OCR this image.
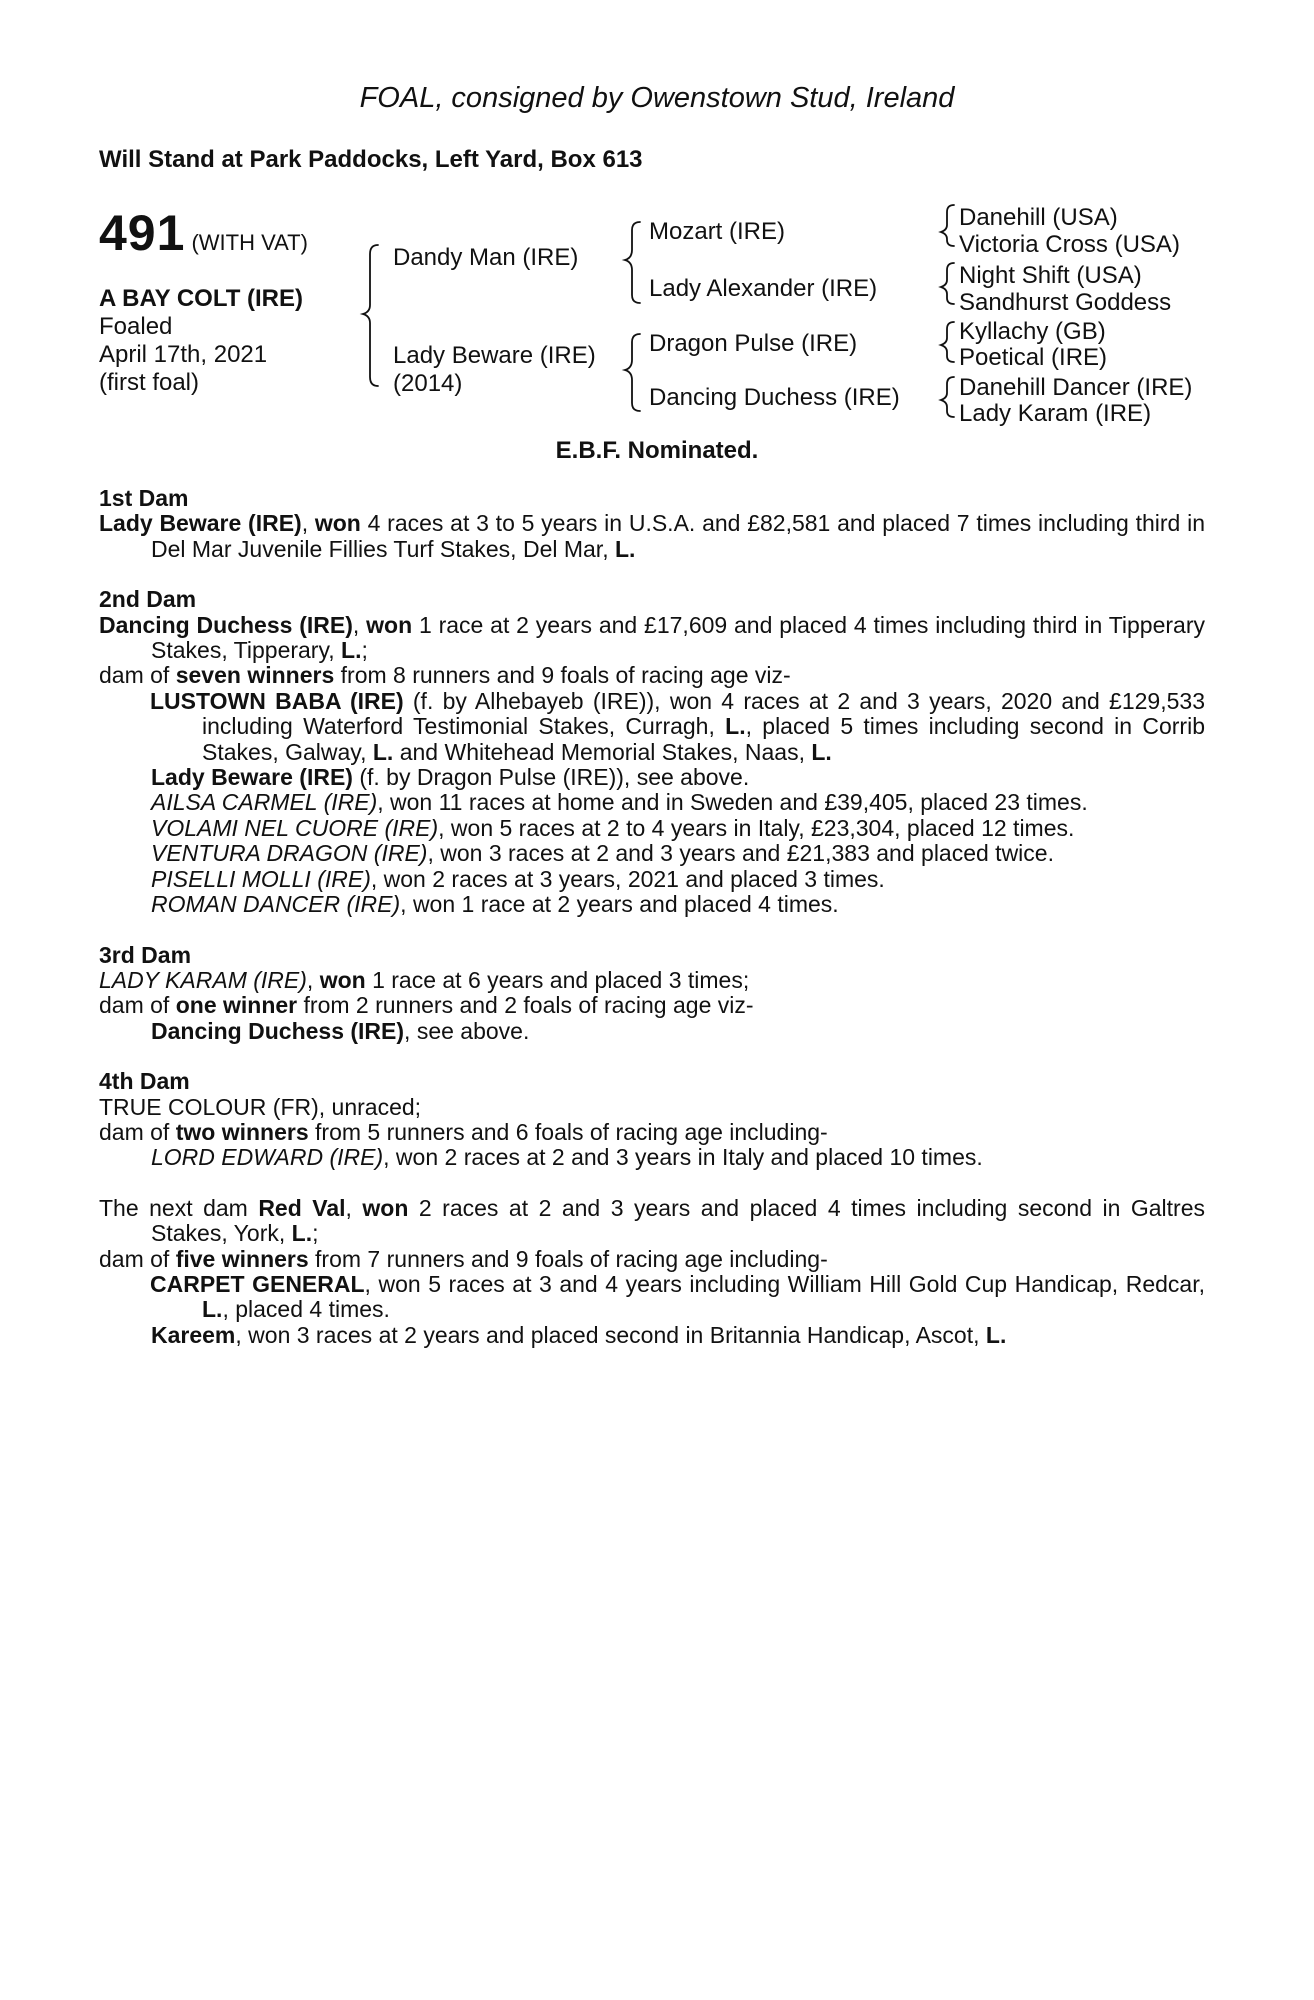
FOAL, consigned by Owenstown Stud, Ireland
Will Stand at Park Paddocks, Left Yard, Box 613
491 (WITH VAT)
A BAY COLT (IRE)
Foaled
April 17th, 2021
(first foal)
Dandy Man (IRE)
Lady Beware (IRE)
(2014)
Mozart (IRE)
Lady Alexander (IRE)
Dragon Pulse (IRE)
Dancing Duchess (IRE)
Danehill (USA)
Victoria Cross (USA)
Night Shift (USA)
Sandhurst Goddess
Kyllachy (GB)
Poetical (IRE)
Danehill Dancer (IRE)
Lady Karam (IRE)
E.B.F. Nominated.
1st Dam
Lady Beware (IRE), won 4 races at 3 to 5 years in U.S.A. and £82,581 and placed 7 times including third in Del Mar Juvenile Fillies Turf Stakes, Del Mar, L.
2nd Dam
Dancing Duchess (IRE), won 1 race at 2 years and £17,609 and placed 4 times including third in Tipperary Stakes, Tipperary, L.;
dam of seven winners from 8 runners and 9 foals of racing age viz-
LUSTOWN BABA (IRE) (f. by Alhebayeb (IRE)), won 4 races at 2 and 3 years, 2020 and £129,533 including Waterford Testimonial Stakes, Curragh, L., placed 5 times including second in Corrib Stakes, Galway, L. and Whitehead Memorial Stakes, Naas, L.
Lady Beware (IRE) (f. by Dragon Pulse (IRE)), see above.
AILSA CARMEL (IRE), won 11 races at home and in Sweden and £39,405, placed 23 times.
VOLAMI NEL CUORE (IRE), won 5 races at 2 to 4 years in Italy, £23,304, placed 12 times.
VENTURA DRAGON (IRE), won 3 races at 2 and 3 years and £21,383 and placed twice.
PISELLI MOLLI (IRE), won 2 races at 3 years, 2021 and placed 3 times.
ROMAN DANCER (IRE), won 1 race at 2 years and placed 4 times.
3rd Dam
LADY KARAM (IRE), won 1 race at 6 years and placed 3 times;
dam of one winner from 2 runners and 2 foals of racing age viz-
Dancing Duchess (IRE), see above.
4th Dam
TRUE COLOUR (FR), unraced;
dam of two winners from 5 runners and 6 foals of racing age including-
LORD EDWARD (IRE), won 2 races at 2 and 3 years in Italy and placed 10 times.
The next dam Red Val, won 2 races at 2 and 3 years and placed 4 times including second in Galtres Stakes, York, L.;
dam of five winners from 7 runners and 9 foals of racing age including-
CARPET GENERAL, won 5 races at 3 and 4 years including William Hill Gold Cup Handicap, Redcar, L., placed 4 times.
Kareem, won 3 races at 2 years and placed second in Britannia Handicap, Ascot, L.
